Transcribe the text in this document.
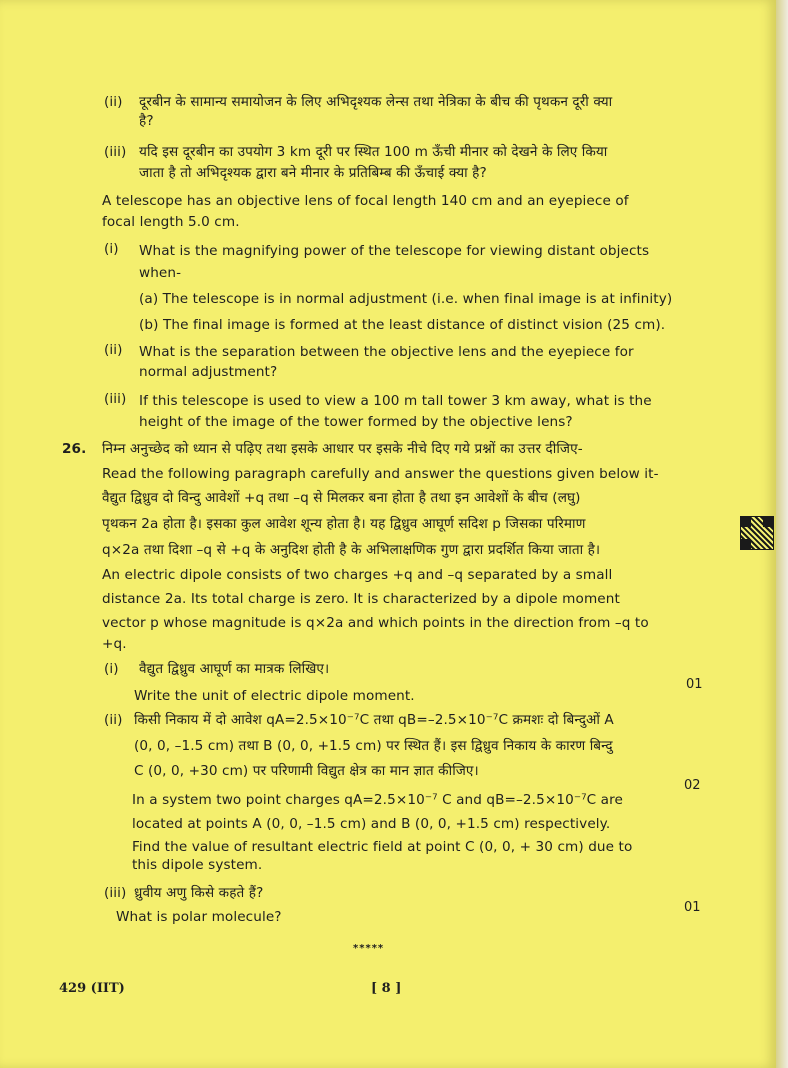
(ii) दूरबीन के सामान्य समायोजन के लिए अभिदृश्यक लेन्स तथा नेत्रिका के बीच की पृथकन दूरी क्या

है?

(iii) यदि इस दूरबीन का उपयोग 3 km दूरी पर स्थित 100 m ऊँची मीनार को देखने के लिए किया

जाता है तो अभिदृश्यक द्वारा बने मीनार के प्रतिबिम्ब की ऊँचाई क्या है?

A telescope has an objective lens of focal length 140 cm and an eyepiece of

focal length 5.0 cm.

(i) What is the magnifying power of the telescope for viewing distant objects

when-

(a) The telescope is in normal adjustment (i.e. when final image is at infinity)

(b) The final image is formed at the least distance of distinct vision (25 cm).

(ii) What is the separation between the objective lens and the eyepiece for

normal adjustment?

(iii) If this telescope is used to view a 100 m tall tower 3 km away, what is the

height of the image of the tower formed by the objective lens?

26. निम्न अनुच्छेद को ध्यान से पढ़िए तथा इसके आधार पर इसके नीचे दिए गये प्रश्नों का उत्तर दीजिए-

Read the following paragraph carefully and answer the questions given below it-

वैद्युत द्विध्रुव दो विन्दु आवेशों +q तथा –q से मिलकर बना होता है तथा इन आवेशों के बीच (लघु)

पृथकन 2a होता है। इसका कुल आवेश शून्य होता है। यह द्विध्रुव आघूर्ण सदिश p जिसका परिमाण

q×2a तथा दिशा –q से +q के अनुदिश होती है के अभिलाक्षणिक गुण द्वारा प्रदर्शित किया जाता है।

An electric dipole consists of two charges +q and –q separated by a small

distance 2a. Its total charge is zero. It is characterized by a dipole moment

vector p whose magnitude is q×2a and which points in the direction from –q to

+q.

(i) वैद्युत द्विध्रुव आघूर्ण का मात्रक लिखिए।

01

Write the unit of electric dipole moment.

(ii) किसी निकाय में दो आवेश qA=2.5×10⁻⁷C तथा qB=–2.5×10⁻⁷C क्रमशः दो बिन्दुओं A

(0, 0, –1.5 cm) तथा B (0, 0, +1.5 cm) पर स्थित हैं। इस द्विध्रुव निकाय के कारण बिन्दु

C (0, 0, +30 cm) पर परिणामी विद्युत क्षेत्र का मान ज्ञात कीजिए।

02

In a system two point charges qA=2.5×10⁻⁷ C and qB=–2.5×10⁻⁷C are

located at points A (0, 0, –1.5 cm) and B (0, 0, +1.5 cm) respectively.

Find the value of resultant electric field at point C (0, 0, + 30 cm) due to

this dipole system.

(iii) ध्रुवीय अणु किसे कहते हैं?

01

What is polar molecule?

*****

429 (IIT)	[ 8 ]
